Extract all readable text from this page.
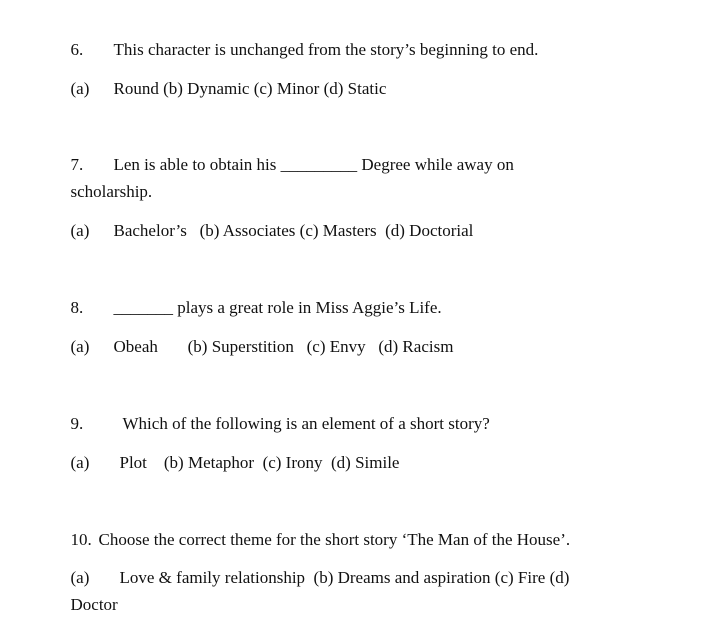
6. This character is unchanged from the story’s beginning to end.

(a) Round (b) Dynamic (c) Minor (d) Static

7. Len is able to obtain his _________ Degree while away on

scholarship.

(a) Bachelor’s   (b) Associates (c) Masters  (d) Doctorial

8. _______ plays a great role in Miss Aggie’s Life.

(a) Obeah       (b) Superstition   (c) Envy   (d) Racism

9. Which of the following is an element of a short story?

(a) Plot    (b) Metaphor  (c) Irony  (d) Simile

10. Choose the correct theme for the short story ‘The Man of the House’.

(a) Love & family relationship  (b) Dreams and aspiration (c) Fire (d)

Doctor
